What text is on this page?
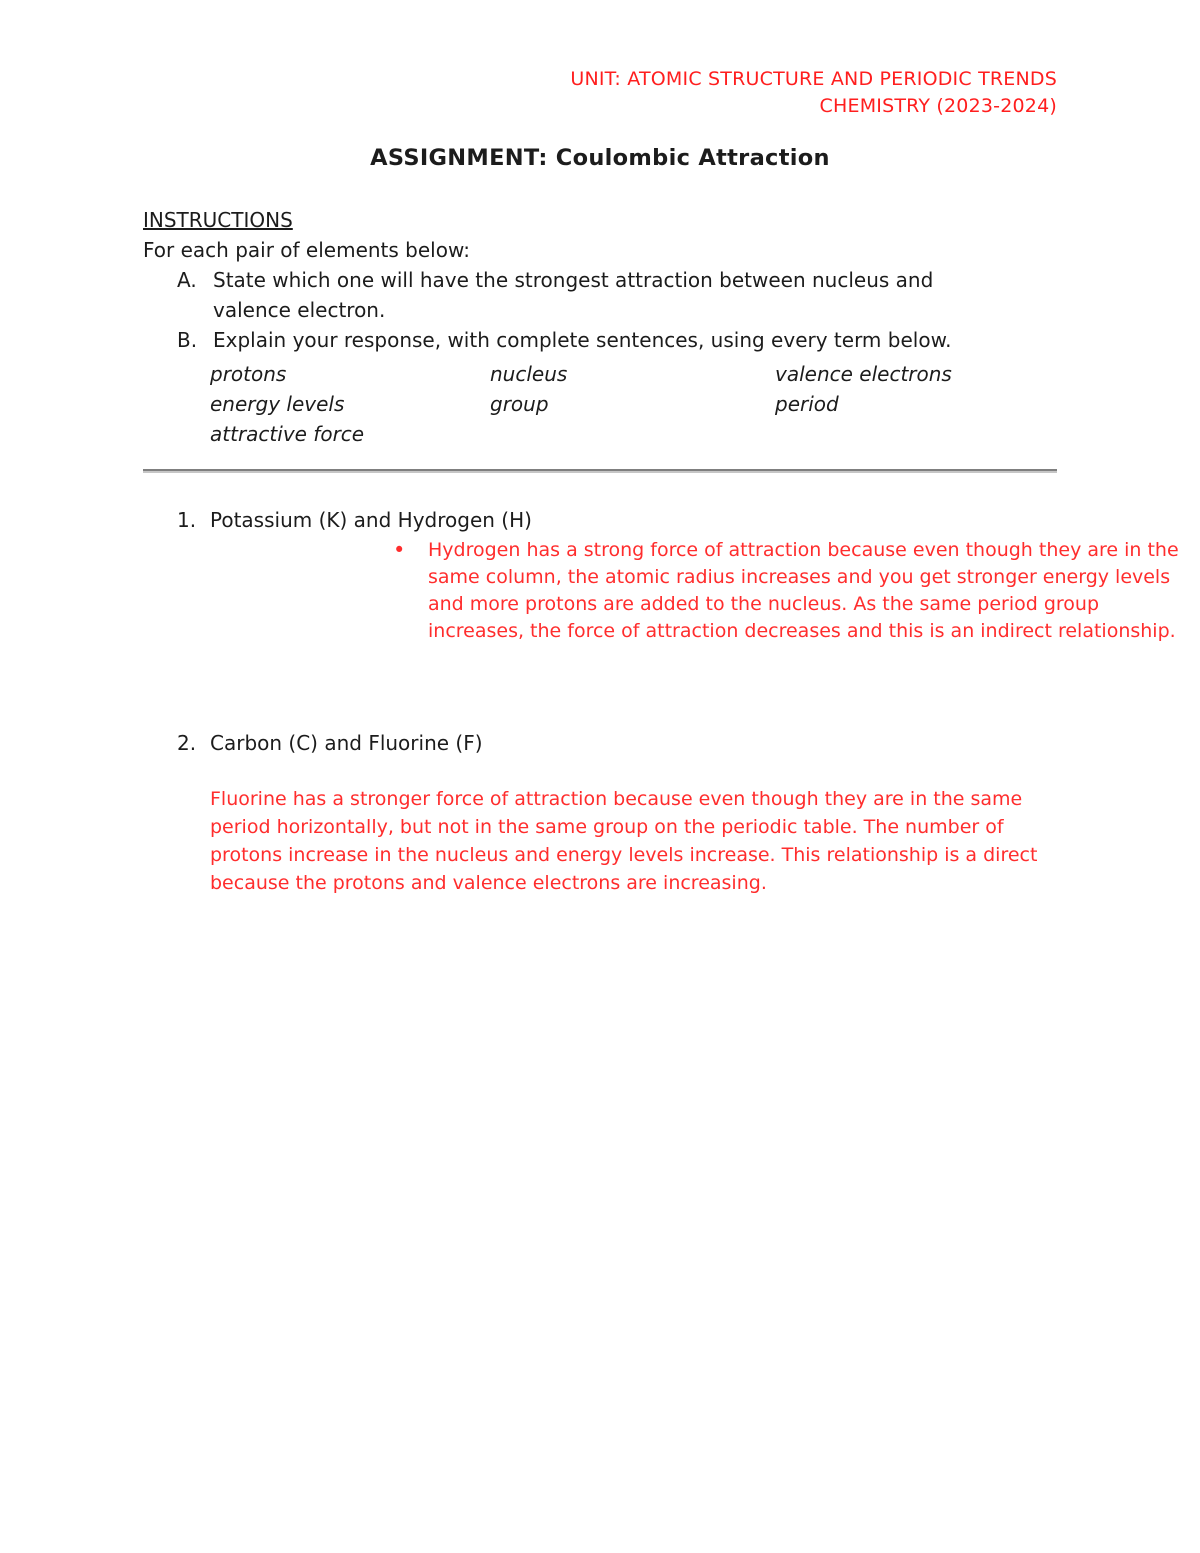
UNIT: ATOMIC STRUCTURE AND PERIODIC TRENDS
CHEMISTRY (2023-2024)
ASSIGNMENT: Coulombic Attraction
INSTRUCTIONS
For each pair of elements below:
A. State which one will have the strongest attraction between nucleus and valence electron.
B. Explain your response, with complete sentences, using every term below.
protons	nucleus	valence electrons
energy levels	group	period
attractive force
1. Potassium (K) and Hydrogen (H)
•
Hydrogen has a strong force of attraction because even though they are in the same column, the atomic radius increases and you get stronger energy levels and more protons are added to the nucleus. As the same period group increases, the force of attraction decreases and this is an indirect relationship.
2. Carbon (C) and Fluorine (F)
Fluorine has a stronger force of attraction because even though they are in the same period horizontally, but not in the same group on the periodic table. The number of protons increase in the nucleus and energy levels increase. This relationship is a direct because the protons and valence electrons are increasing.
